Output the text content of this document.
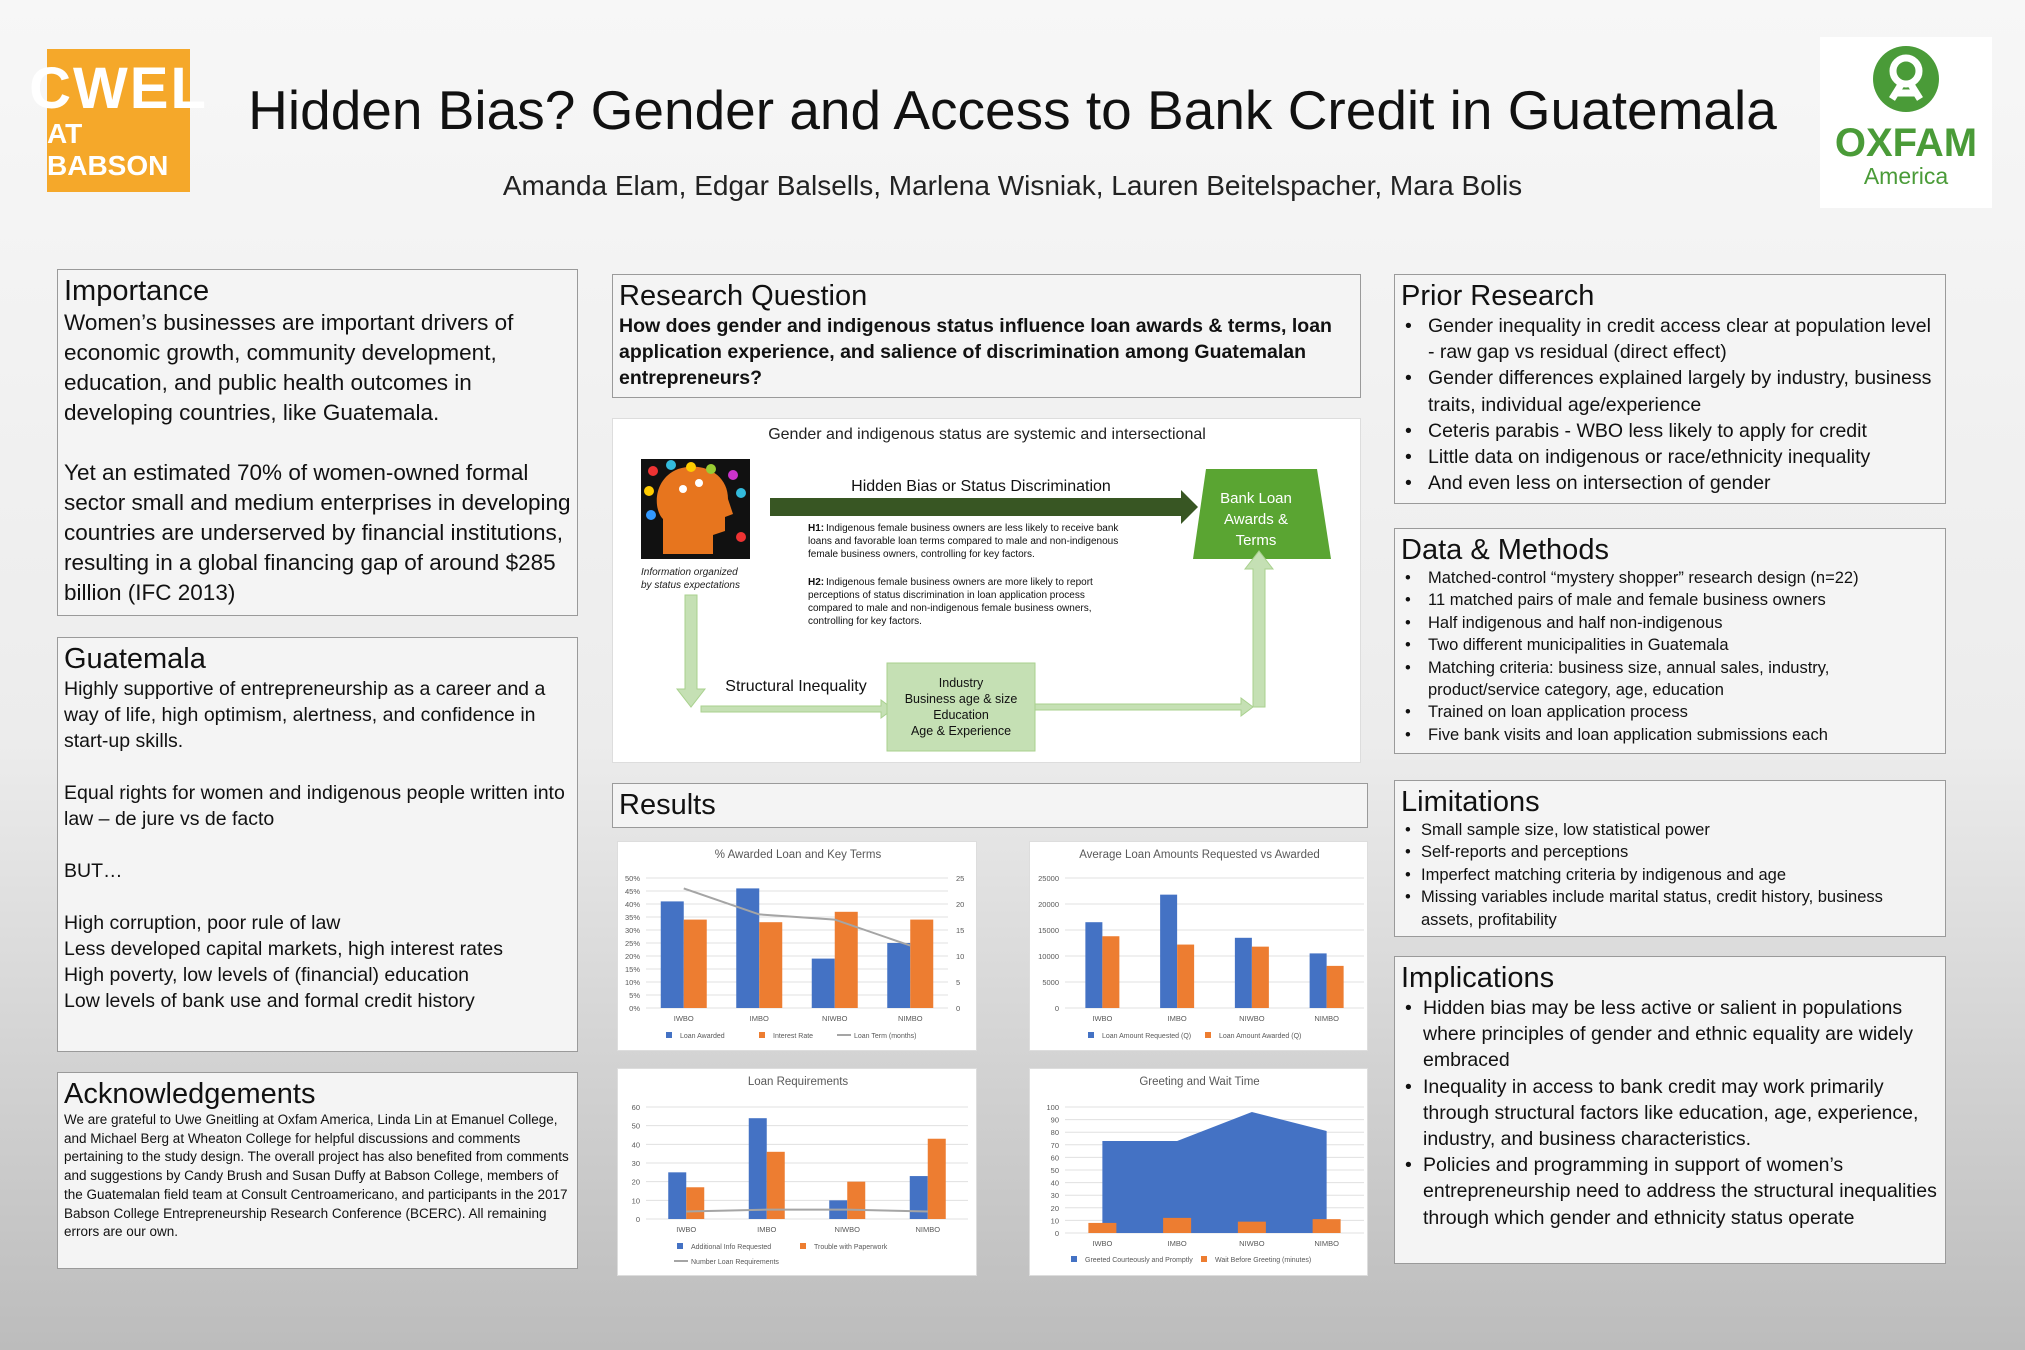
CWEL
AT BABSON
Hidden Bias? Gender and Access to Bank Credit in Guatemala
Amanda Elam, Edgar Balsells, Marlena Wisniak, Lauren Beitelspacher, Mara Bolis
OXFAM
America
Importance

Women’s businesses are important drivers of economic growth, community development, education, and public health outcomes in developing countries, like Guatemala.

Yet an estimated 70% of women-owned formal sector small and medium enterprises in developing countries are underserved by financial institutions, resulting in a global financing gap of around $285 billion (IFC 2013)

Guatemala

Highly supportive of entrepreneurship as a career and a way of life, high optimism, alertness, and confidence in start-up skills.

Equal rights for women and indigenous people written into law – de jure vs de facto

BUT…

High corruption, poor rule of law

Less developed capital markets, high interest rates

High poverty, low levels of (financial) education

Low levels of bank use and formal credit history

Acknowledgements

We are grateful to Uwe Gneitling at Oxfam America, Linda Lin at Emanuel College, and Michael Berg at Wheaton College for helpful discussions and comments pertaining to the study design. The overall project has also benefited from comments and suggestions by Candy Brush and Susan Duffy at Babson College, members of the Guatemalan field team at Consult Centroamericano, and participants in the 2017 Babson College Entrepreneurship Research Conference (BCERC). All remaining errors are our own.

Research Question

How does gender and indigenous status influence loan awards & terms, loan application experience, and salience of discrimination among Guatemalan entrepreneurs?

Gender and indigenous status are systemic and intersectional
Information organized
by status expectations
Hidden Bias or Status Discrimination
H1: Indigenous female business owners are less likely to receive bank loans and favorable loan terms compared to male and non-indigenous female business owners, controlling for key factors.
H2: Indigenous female business owners are more likely to report perceptions of status discrimination in loan application process compared to male and non-indigenous female business owners, controlling for key factors.
Bank Loan
Awards &
Terms
Structural Inequality	Industry
Business age & size
Education
Age & Experience
Results
% Awarded Loan and Key Terms
0%
5%
10%
15%
20%
25%
30%
35%
40%
45%
50%
0
5
10
15
20
25
IWBO	IMBO	NIWBO	NIMBO
Loan Awarded	Interest Rate	Loan Term (months)
Average Loan Amounts Requested vs Awarded
0
5000
10000
15000
20000
25000
IWBO	IMBO	NIWBO	NIMBO
Loan Amount Requested (Q)	Loan Amount Awarded (Q)
Loan Requirements
0
10
20
30
40
50
60
IWBO	IMBO	NIWBO	NIMBO
Additional Info Requested	Trouble with Paperwork
Number Loan Requirements
Greeting and Wait Time
0
10
20
30
40
50
60
70
80
90
100
IWBO	IMBO	NIWBO	NIMBO
Greeted Courteously and Promptly	Wait Before Greeting (minutes)
Prior Research
• Gender inequality in credit access clear at population level - raw gap vs residual (direct effect)
• Gender differences explained largely by industry, business traits, individual age/experience
• Ceteris parabis - WBO less likely to apply for credit
• Little data on indigenous or race/ethnicity inequality
• And even less on intersection of gender
Data & Methods
• Matched-control “mystery shopper” research design (n=22)
• 11 matched pairs of male and female business owners
• Half indigenous and half non-indigenous
• Two different municipalities in Guatemala
• Matching criteria: business size, annual sales, industry, product/service category, age, education
• Trained on loan application process
• Five bank visits and loan application submissions each
Limitations
• Small sample size, low statistical power
• Self-reports and perceptions
• Imperfect matching criteria by indigenous and age
• Missing variables include marital status, credit history, business assets, profitability
Implications
• Hidden bias may be less active or salient in populations where principles of gender and ethnic equality are widely embraced
• Inequality in access to bank credit may work primarily through structural factors like education, age, experience, industry, and business characteristics.
• Policies and programming in support of women’s entrepreneurship need to address the structural inequalities through which gender and ethnicity status operate
